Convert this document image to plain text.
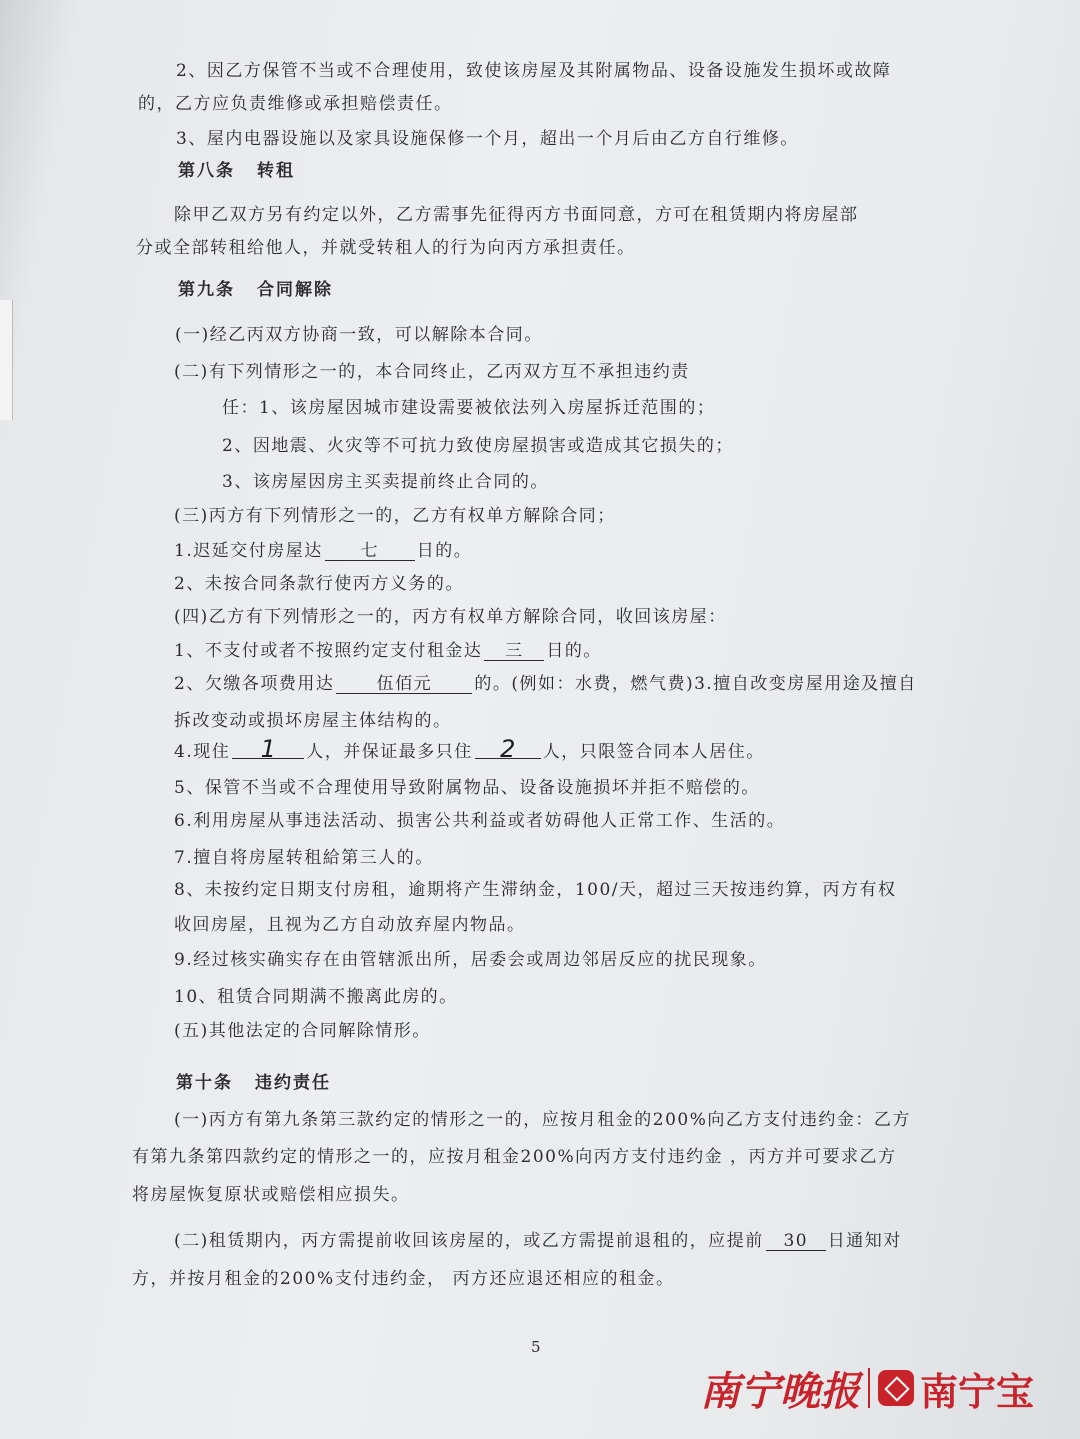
2、因乙方保管不当或不合理使用，致使该房屋及其附属物品、设备设施发生损坏或故障
的，乙方应负责维修或承担赔偿责任。
3、屋内电器设施以及家具设施保修一个月，超出一个月后由乙方自行维修。
第八条 转租
除甲乙双方另有约定以外，乙方需事先征得丙方书面同意，方可在租赁期内将房屋部
分或全部转租给他人，并就受转租人的行为向丙方承担责任。
第九条 合同解除
(一)经乙丙双方协商一致，可以解除本合同。
(二)有下列情形之一的，本合同终止，乙丙双方互不承担违约责
任：1、该房屋因城市建设需要被依法列入房屋拆迁范围的；
2、因地震、火灾等不可抗力致使房屋损害或造成其它损失的；
3、该房屋因房主买卖提前终止合同的。
(三)丙方有下列情形之一的，乙方有权单方解除合同；
1.迟延交付房屋达 七 日的。
2、未按合同条款行使丙方义务的。
(四)乙方有下列情形之一的，丙方有权单方解除合同，收回该房屋：
1、不支付或者不按照约定支付租金达 三 日的。
2、欠缴各项费用达 伍佰元 的。(例如：水费，燃气费)3.擅自改变房屋用途及擅自
拆改变动或损坏房屋主体结构的。
4.现住 1 人，并保证最多只住 2 人，只限签合同本人居住。
5、保管不当或不合理使用导致附属物品、设备设施损坏并拒不赔偿的。
6.利用房屋从事违法活动、损害公共利益或者妨碍他人正常工作、生活的。
7.擅自将房屋转租給第三人的。
8、未按约定日期支付房租，逾期将产生滞纳金，100/天，超过三天按违约算，丙方有权
收回房屋，且视为乙方自动放弃屋内物品。
9.经过核实确实存在由管辖派出所，居委会或周边邻居反应的扰民现象。
10、租赁合同期满不搬离此房的。
(五)其他法定的合同解除情形。
第十条 违约责任
(一)丙方有第九条第三款约定的情形之一的，应按月租金的200%向乙方支付违约金：乙方
有第九条第四款约定的情形之一的，应按月租金200%向丙方支付违约金 ，丙方并可要求乙方
将房屋恢复原状或赔偿相应损失。
(二)租赁期内，丙方需提前收回该房屋的，或乙方需提前退租的，应提前 30 日通知对
方，并按月租金的200%支付违约金， 丙方还应退还相应的租金。
5
南宁晚报 南宁宝
